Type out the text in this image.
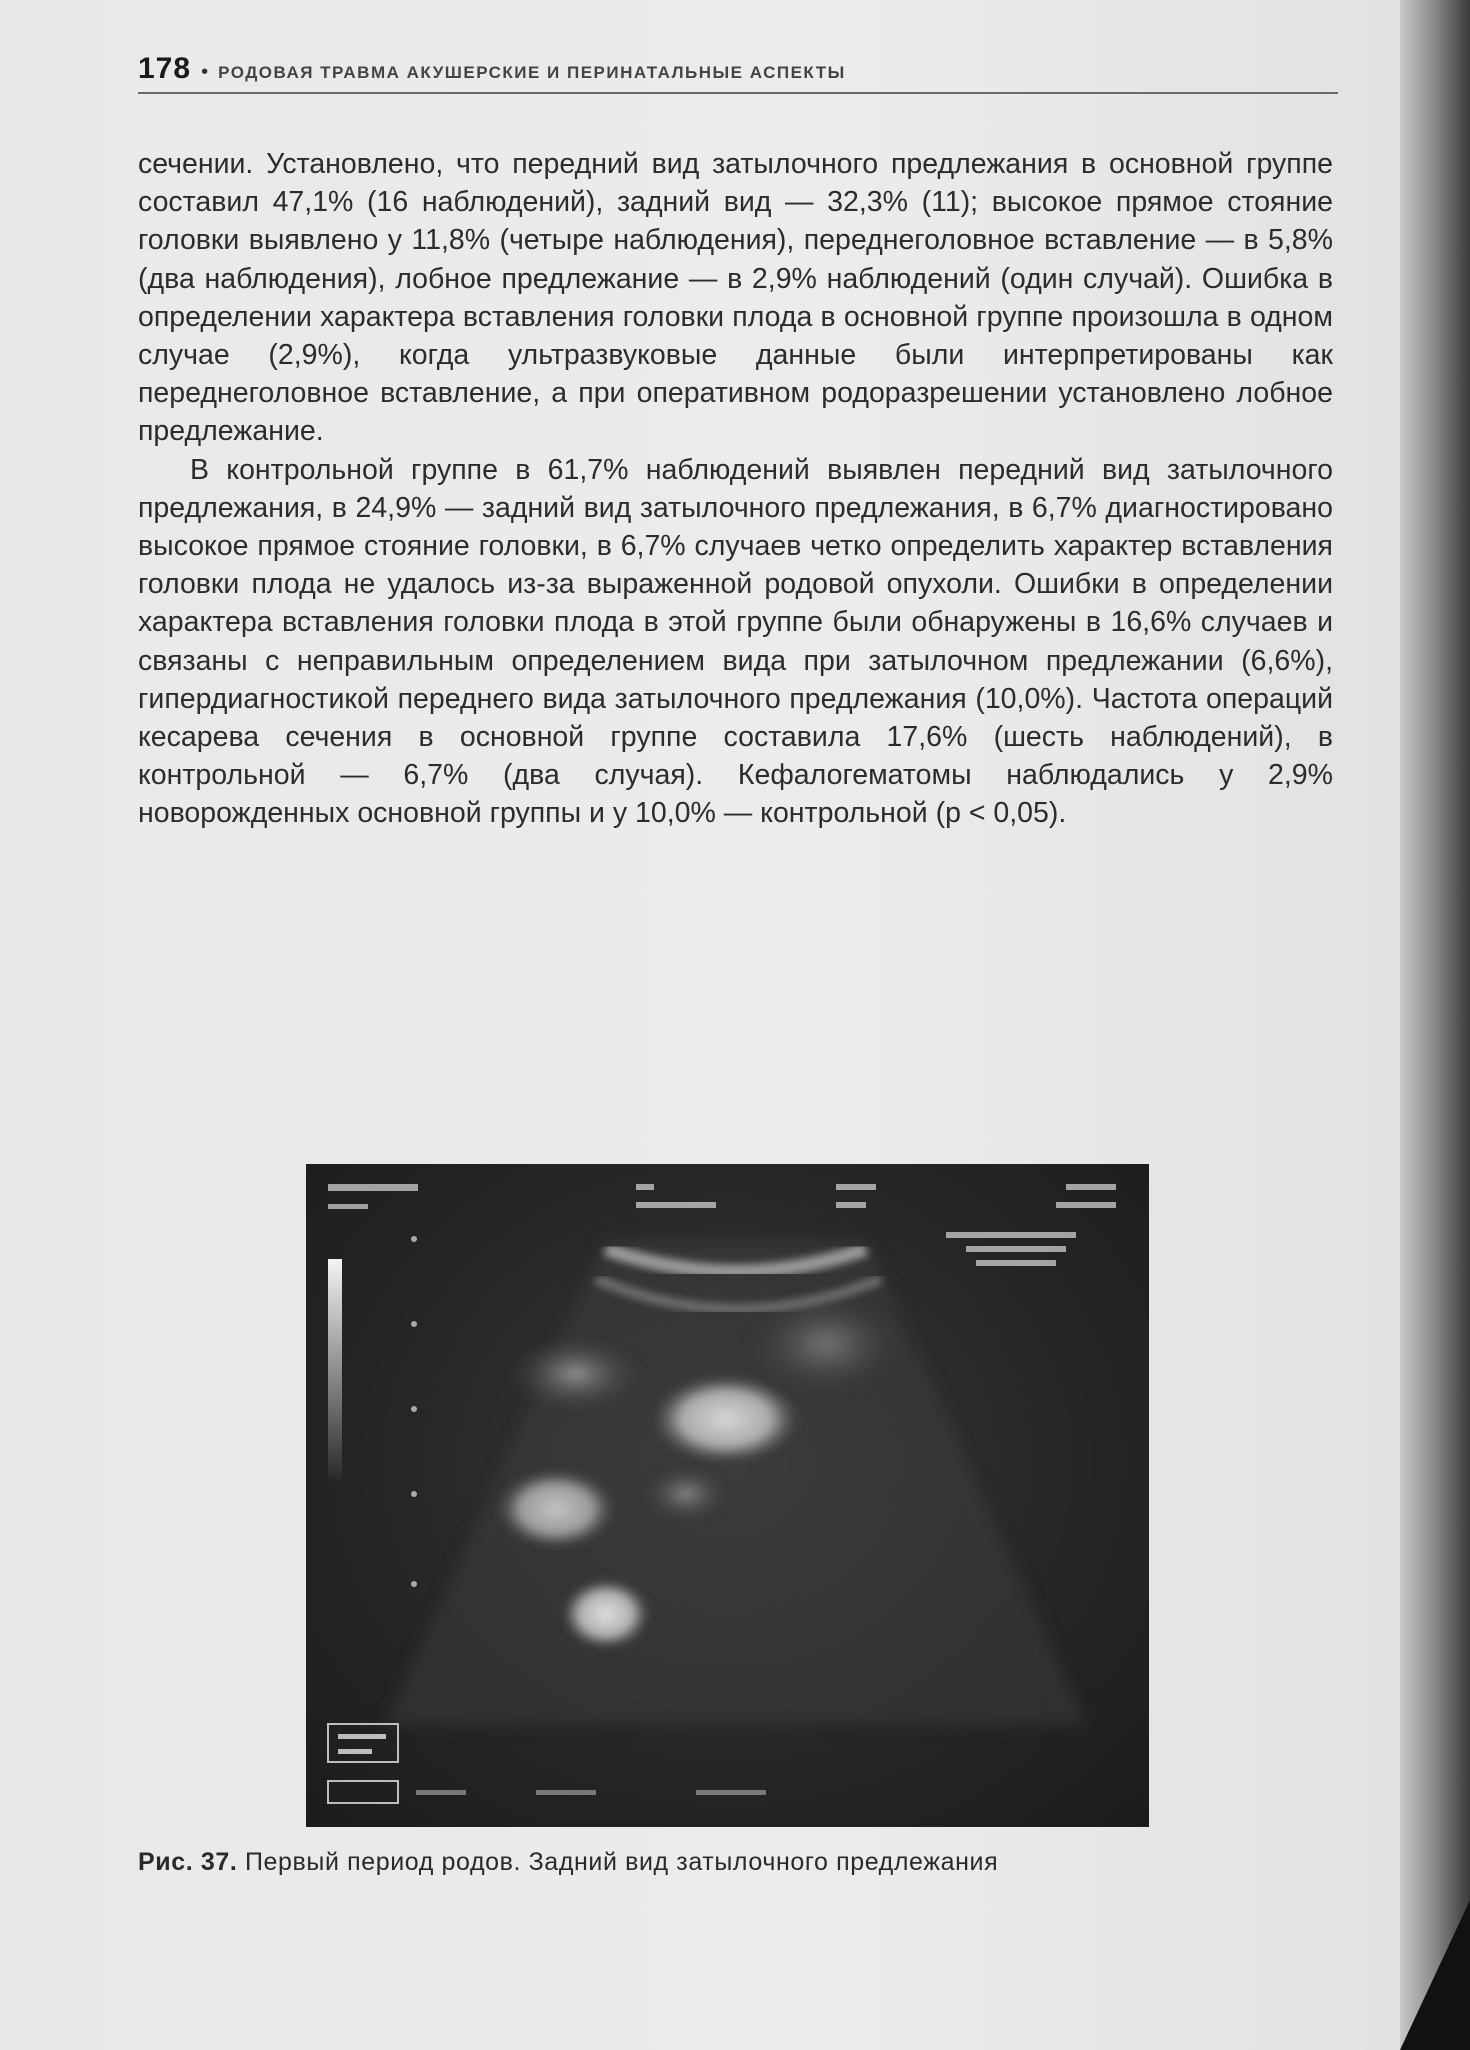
178 • РОДОВАЯ ТРАВМА АКУШЕРСКИЕ И ПЕРИНАТАЛЬНЫЕ АСПЕКТЫ

сечении. Установлено, что передний вид затылочного предлежания в основной группе составил 47,1% (16 наблюдений), задний вид — 32,3% (11); высокое прямое стояние головки выявлено у 11,8% (четыре наблюдения), переднеголовное вставление — в 5,8% (два наблюдения), лобное предлежание — в 2,9% наблюдений (один случай). Ошибка в определении характера вставления головки плода в основной группе произошла в одном случае (2,9%), когда ультразвуковые данные были интерпретированы как переднеголовное вставление, а при оперативном родоразрешении установлено лобное предлежание.

В контрольной группе в 61,7% наблюдений выявлен передний вид затылочного предлежания, в 24,9% — задний вид затылочного предлежания, в 6,7% диагностировано высокое прямое стояние головки, в 6,7% случаев четко определить характер вставления головки плода не удалось из-за выраженной родовой опухоли. Ошибки в определении характера вставления головки плода в этой группе были обнаружены в 16,6% случаев и связаны с неправильным определением вида при затылочном предлежании (6,6%), гипердиагностикой переднего вида затылочного предлежания (10,0%). Частота операций кесарева сечения в основной группе составила 17,6% (шесть наблюдений), в контрольной — 6,7% (два случая). Кефалогематомы наблюдались у 2,9% новорожденных основной группы и у 10,0% — контрольной (p < 0,05).

Рис. 37. Первый период родов. Задний вид затылочного предлежания
